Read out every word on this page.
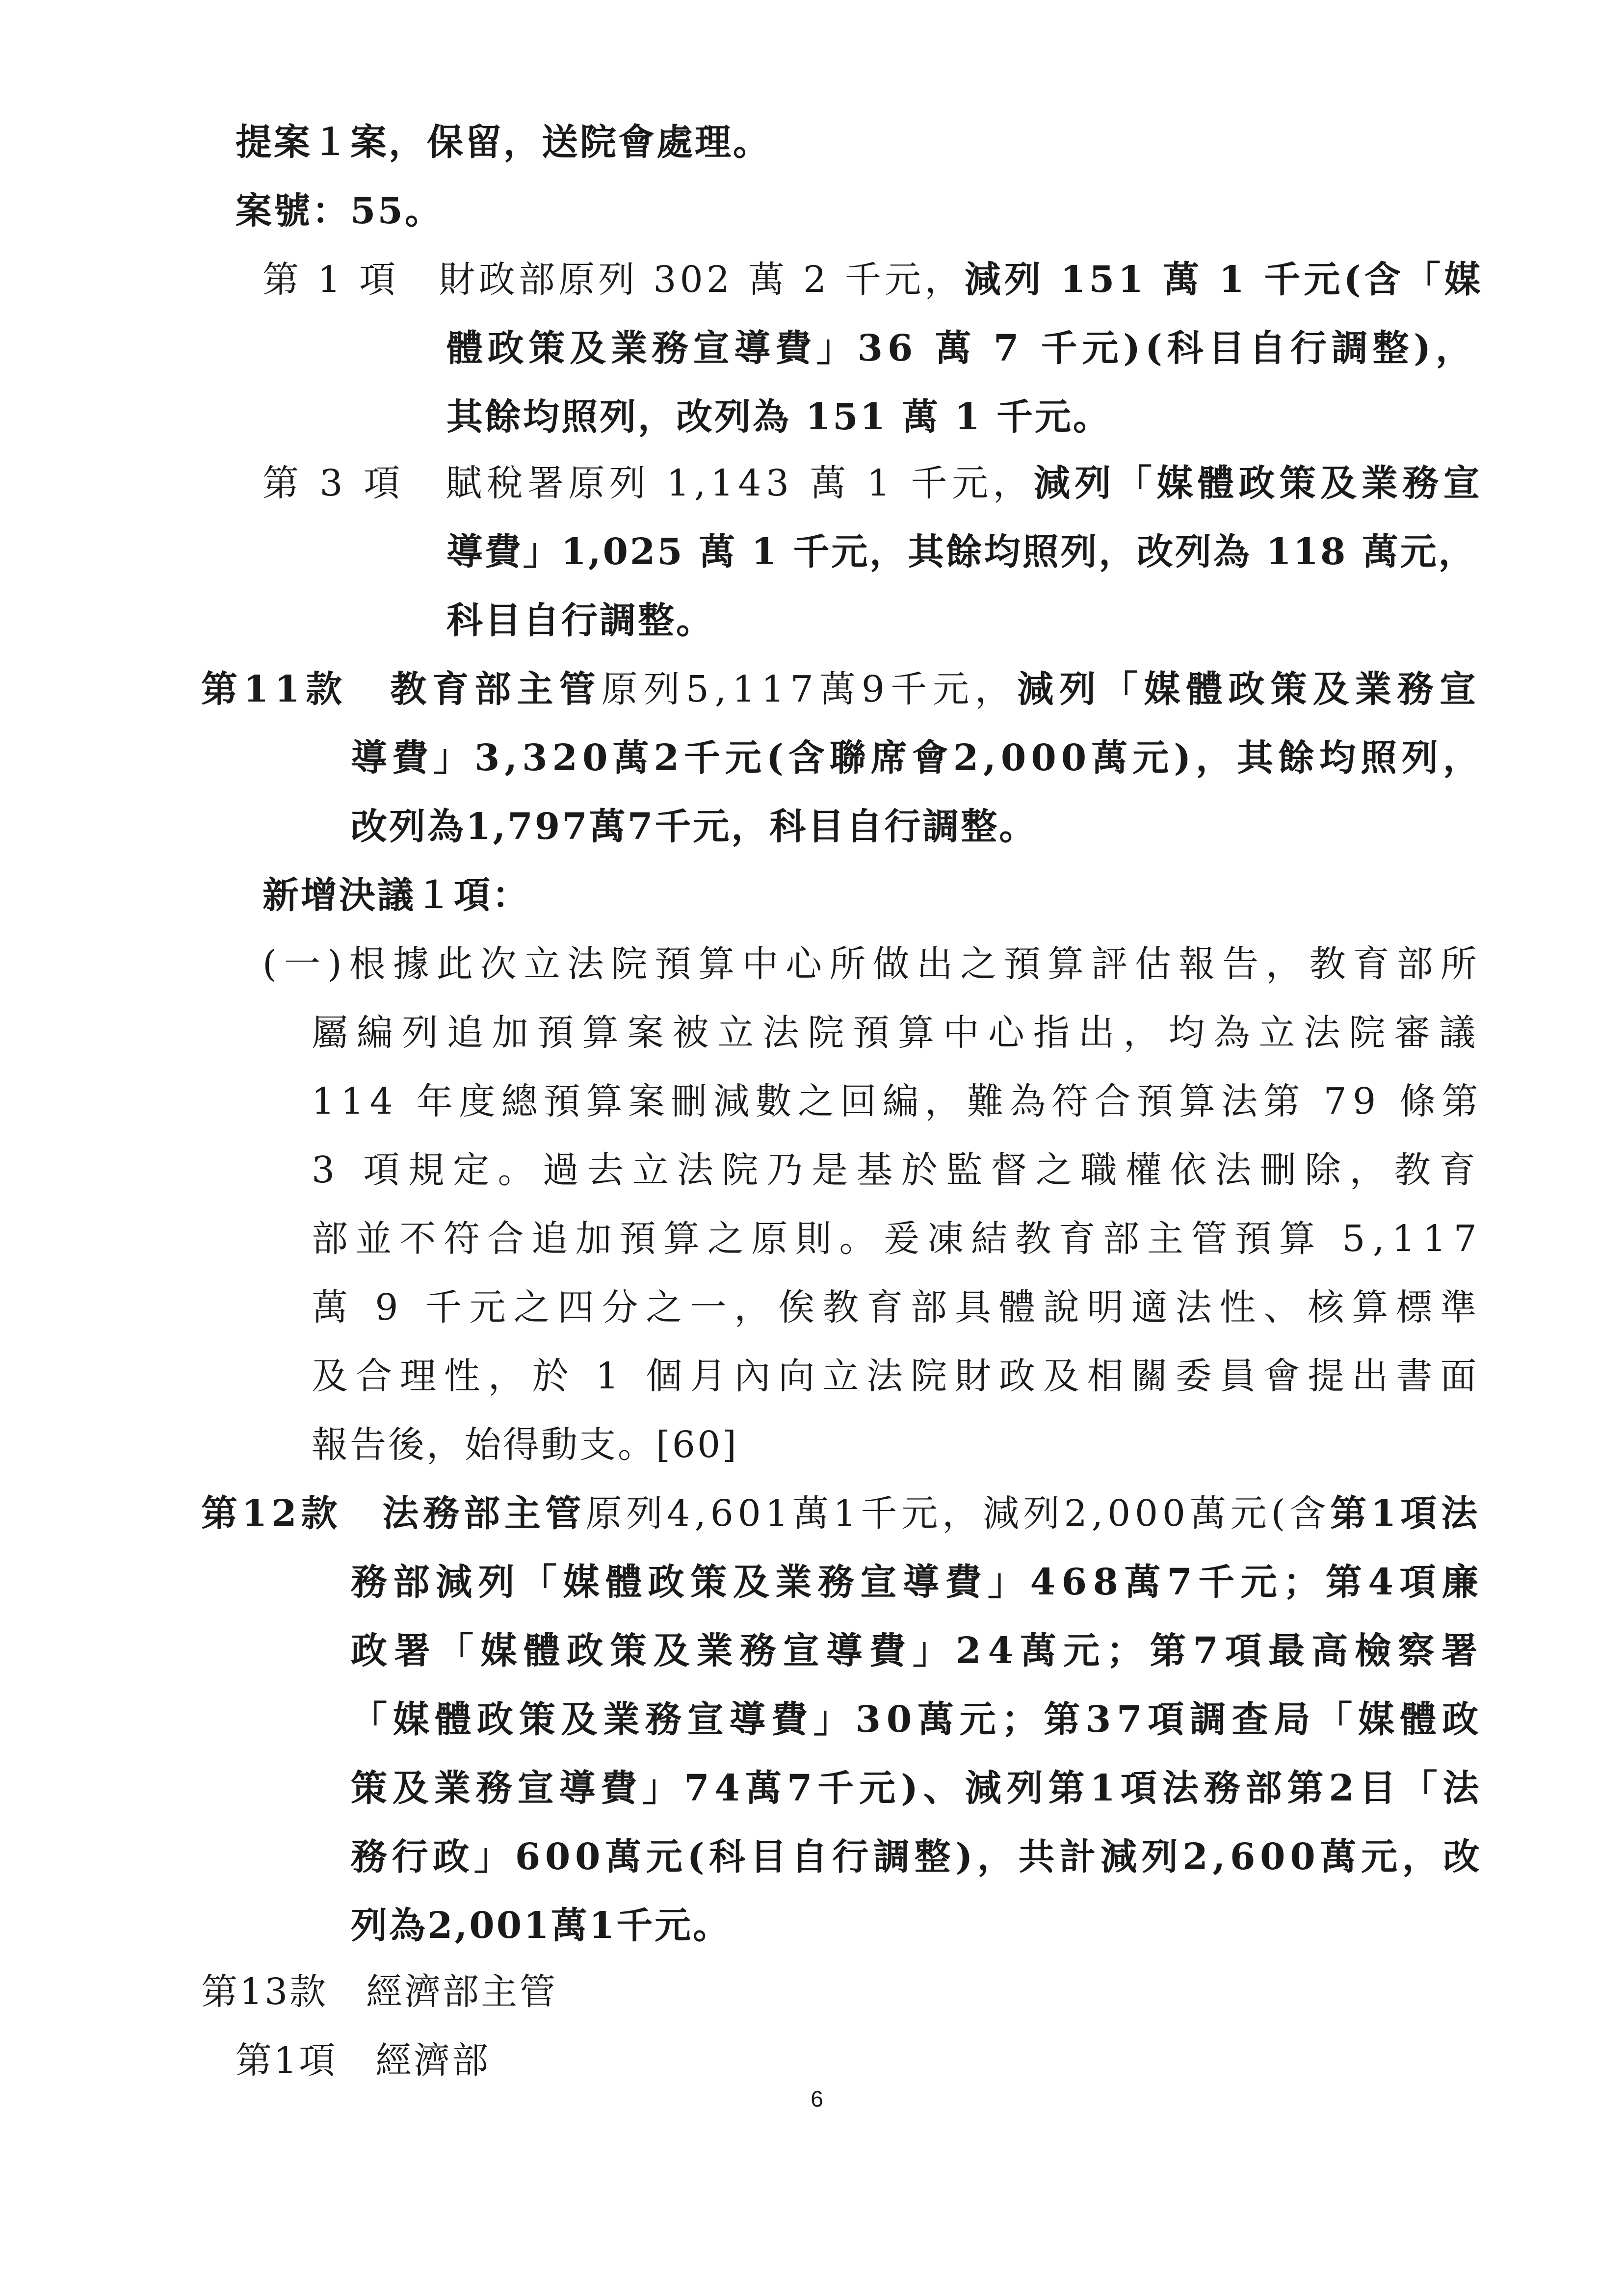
提案１案，保留，送院會處理。
案號：55。
第 1 項　財政部原列 302 萬 2 千元，減列 151 萬 1 千元(含「媒
體政策及業務宣導費」36 萬 7 千元)(科目自行調整)，
其餘均照列，改列為 151 萬 1 千元。
第 3 項　賦稅署原列 1,143 萬 1 千元，減列「媒體政策及業務宣
導費」1,025 萬 1 千元，其餘均照列，改列為 118 萬元，
科目自行調整。
第11款　教育部主管原列5,117萬9千元，減列「媒體政策及業務宣
導費」3,320萬2千元(含聯席會2,000萬元)，其餘均照列，
改列為1,797萬7千元，科目自行調整。
新增決議１項：
(一)根據此次立法院預算中心所做出之預算評估報告，教育部所
屬編列追加預算案被立法院預算中心指出，均為立法院審議
114 年度總預算案刪減數之回編，難為符合預算法第 79 條第
3 項規定。過去立法院乃是基於監督之職權依法刪除，教育
部並不符合追加預算之原則。爰凍結教育部主管預算 5,117
萬 9 千元之四分之一，俟教育部具體說明適法性、核算標準
及合理性，於 1 個月內向立法院財政及相關委員會提出書面
報告後，始得動支。[60]
第12款　法務部主管原列4,601萬1千元，減列2,000萬元(含第1項法
務部減列「媒體政策及業務宣導費」468萬7千元；第4項廉
政署「媒體政策及業務宣導費」24萬元；第7項最高檢察署
「媒體政策及業務宣導費」30萬元；第37項調查局「媒體政
策及業務宣導費」74萬7千元)、減列第1項法務部第2目「法
務行政」600萬元(科目自行調整)，共計減列2,600萬元，改
列為2,001萬1千元。
第13款　經濟部主管
第1項　經濟部
6
